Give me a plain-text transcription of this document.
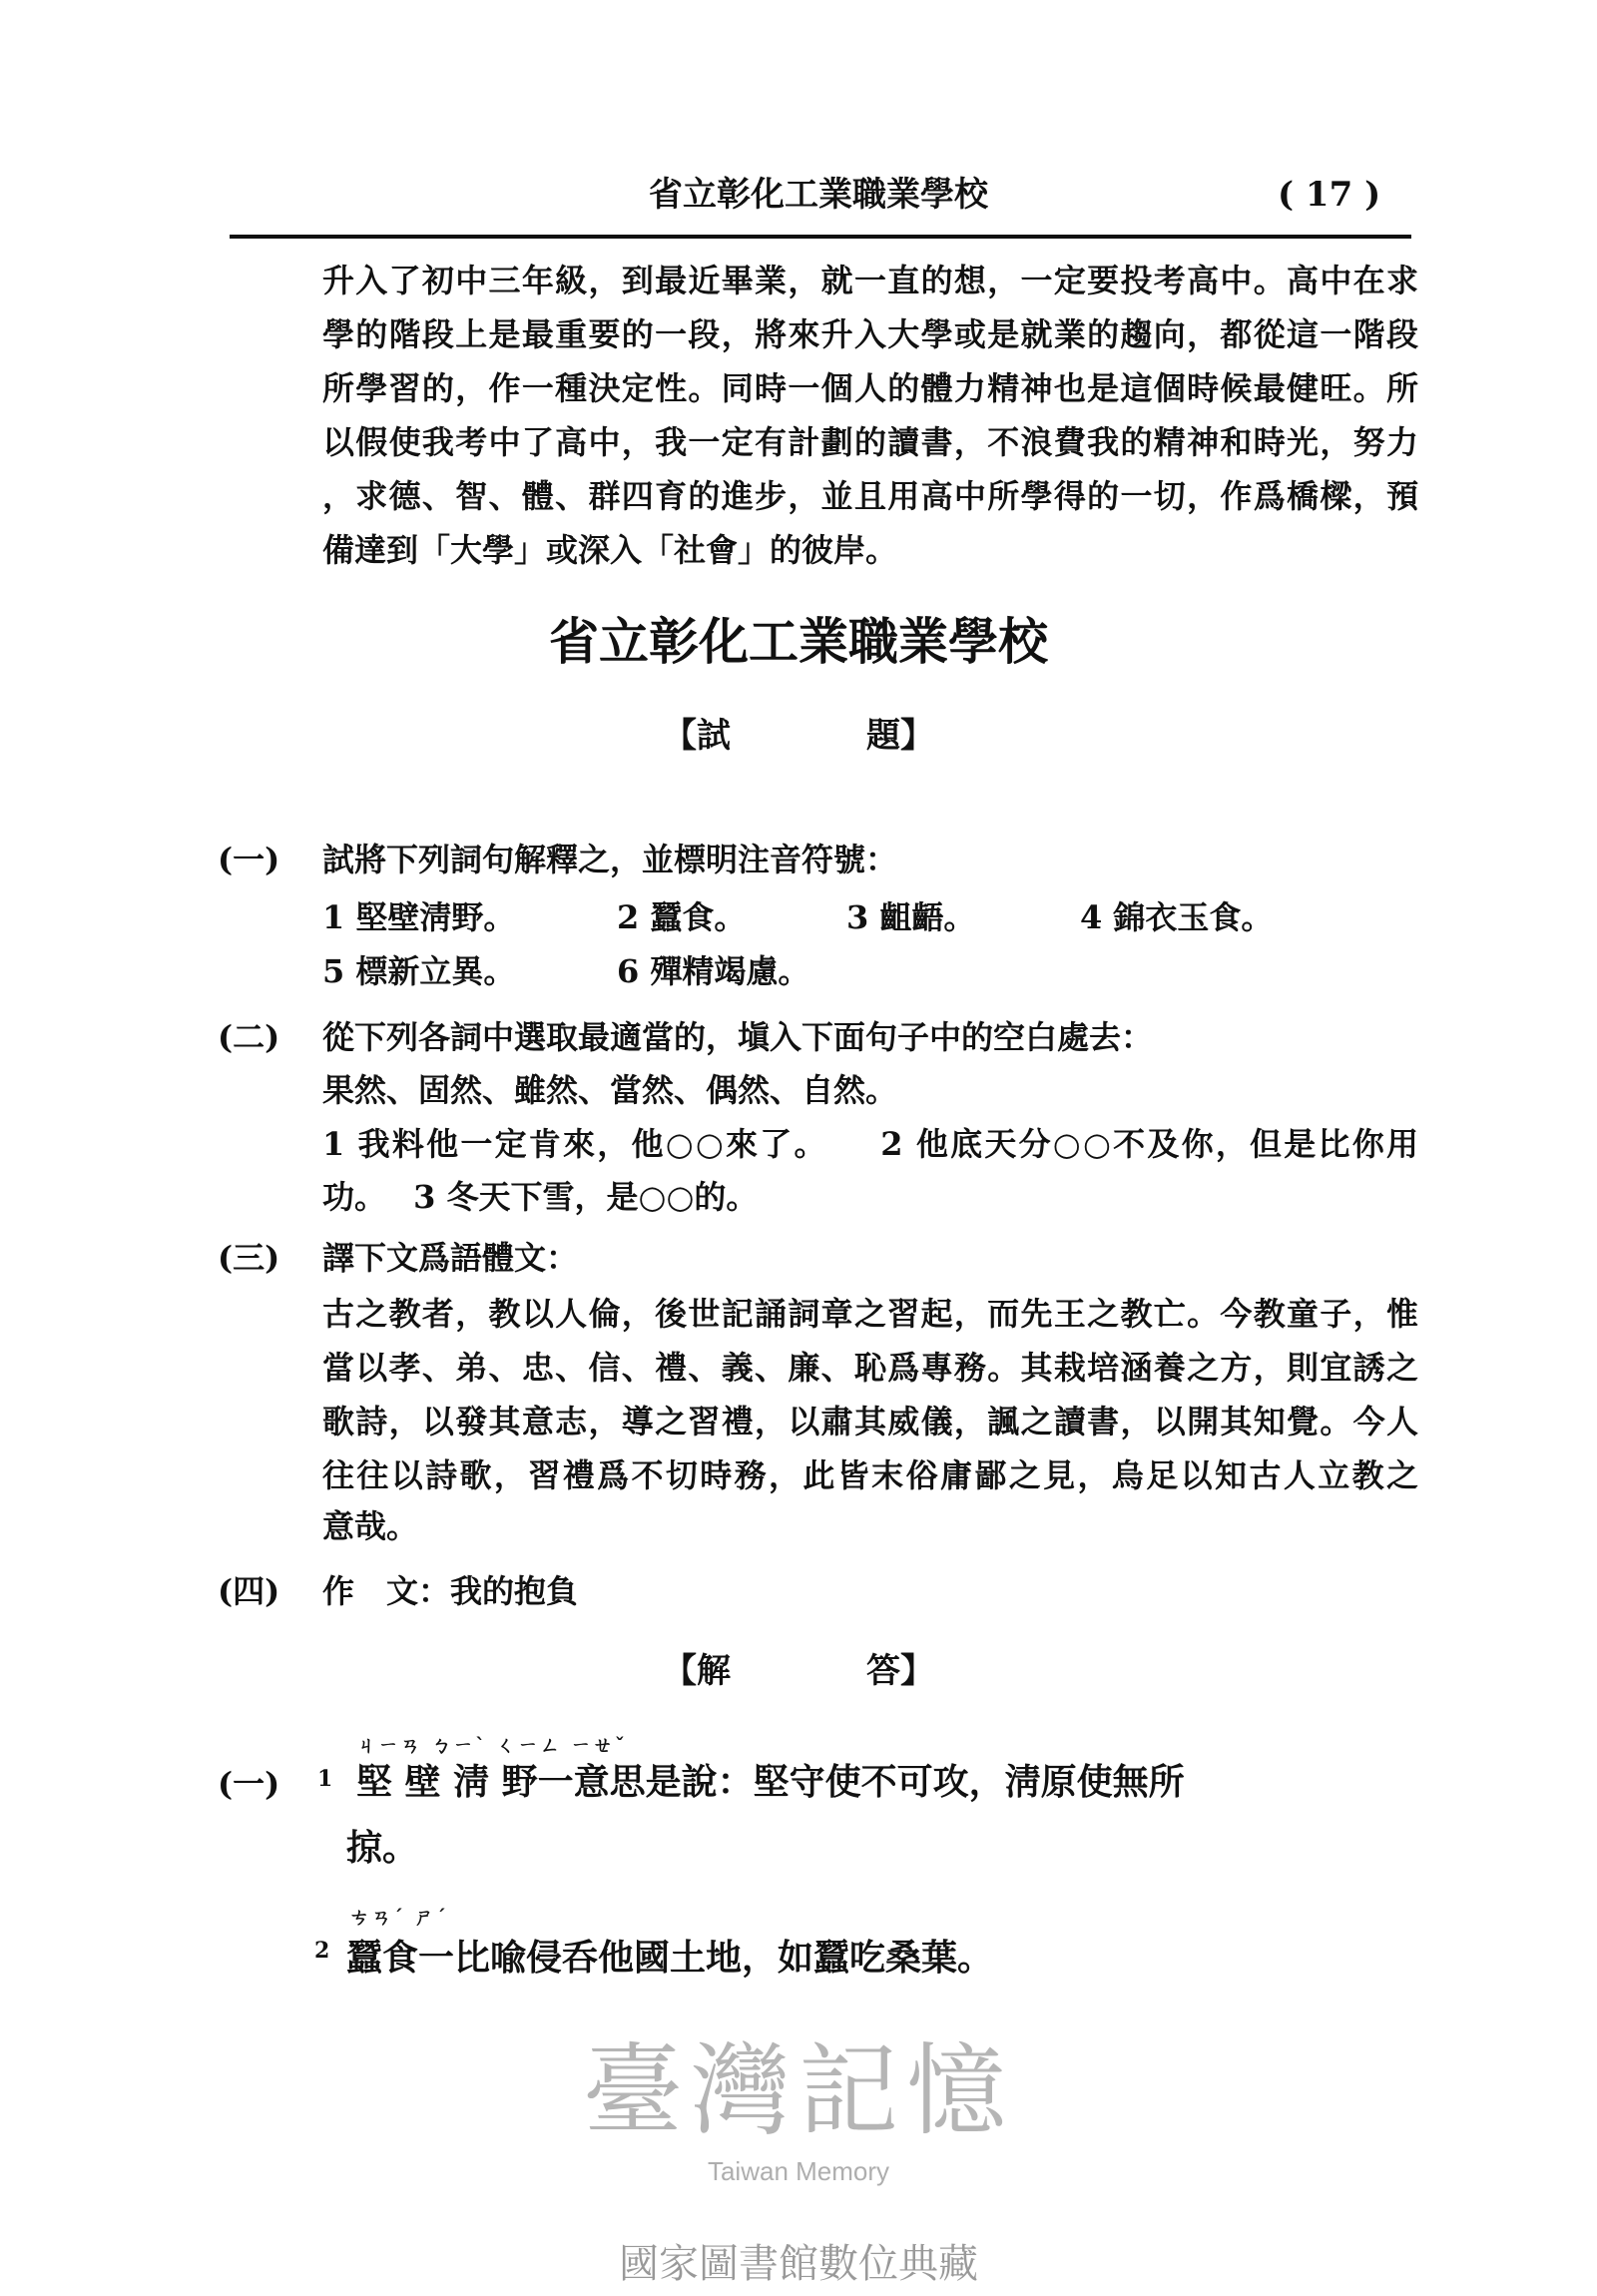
省立彰化工業職業學校	( 17 )
升入了初中三年級，到最近畢業，就一直的想，一定要投考高中。高中在求
學的階段上是最重要的一段，將來升入大學或是就業的趨向，都從這一階段
所學習的，作一種決定性。同時一個人的體力精神也是這個時候最健旺。所
以假使我考中了高中，我一定有計劃的讀書，不浪費我的精神和時光，努力
，求德、智、體、群四育的進步，並且用高中所學得的一切，作爲橋樑，預
備達到「大學」或深入「社會」的彼岸。
省立彰化工業職業學校
【試　　　　題】
(一) 試將下列詞句解釋之，並標明注音符號：
1 堅壁淸野。	2 蠶食。	3 齟齬。	4 錦衣玉食。
5 標新立異。	6 殫精竭慮。
(二) 從下列各詞中選取最適當的，塡入下面句子中的空白處去：
果然、固然、雖然、當然、偶然、自然。
1 我料他一定肯來，他○○來了。　　2 他底天分○○不及你，但是比你用
功。　 3 冬天下雪，是○○的。
(三) 譯下文爲語體文：
古之教者，教以人倫，後世記誦詞章之習起，而先王之教亡。今教童子，惟
當以孝、弟、忠、信、禮、義、廉、恥爲專務。其栽培涵養之方，則宜誘之
歌詩，以發其意志，導之習禮，以肅其威儀，諷之讀書，以開其知覺。今人
往往以詩歌，習禮爲不切時務，此皆末俗庸鄙之見，烏足以知古人立教之
意哉。
(四) 作　文：我的抱負
【解　　　　答】
ㄐㄧㄢ ㄅㄧˋ ㄑㄧㄥ ㄧㄝˇ
(一) 1 堅 壁 淸 野一意思是說：堅守使不可攻，淸原使無所
掠。
ㄘㄢˊ ㄕˊ
2 蠶食一比喩侵呑他國土地，如蠶吃桑葉。
臺灣記憶
Taiwan Memory
國家圖書館數位典藏
